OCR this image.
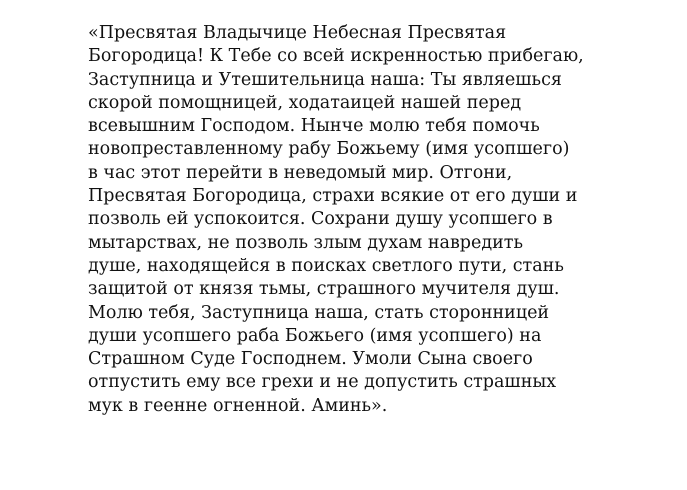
«Пресвятая Владычице Небесная Пресвятая
Богородица! К Тебе со всей искренностью прибегаю,
Заступница и Утешительница наша: Ты являешься
скорой помощницей, ходатаицей нашей перед
всевышним Господом. Нынче молю тебя помочь
новопреставленному рабу Божьему (имя усопшего)
в час этот перейти в неведомый мир. Отгони,
Пресвятая Богородица, страхи всякие от его души и
позволь ей успокоится. Сохрани душу усопшего в
мытарствах, не позволь злым духам навредить
душе, находящейся в поисках светлого пути, стань
защитой от князя тьмы, страшного мучителя душ.
Молю тебя, Заступница наша, стать сторонницей
души усопшего раба Божьего (имя усопшего) на
Страшном Суде Господнем. Умоли Сына своего
отпустить ему все грехи и не допустить страшных
мук в геенне огненной. Аминь».
